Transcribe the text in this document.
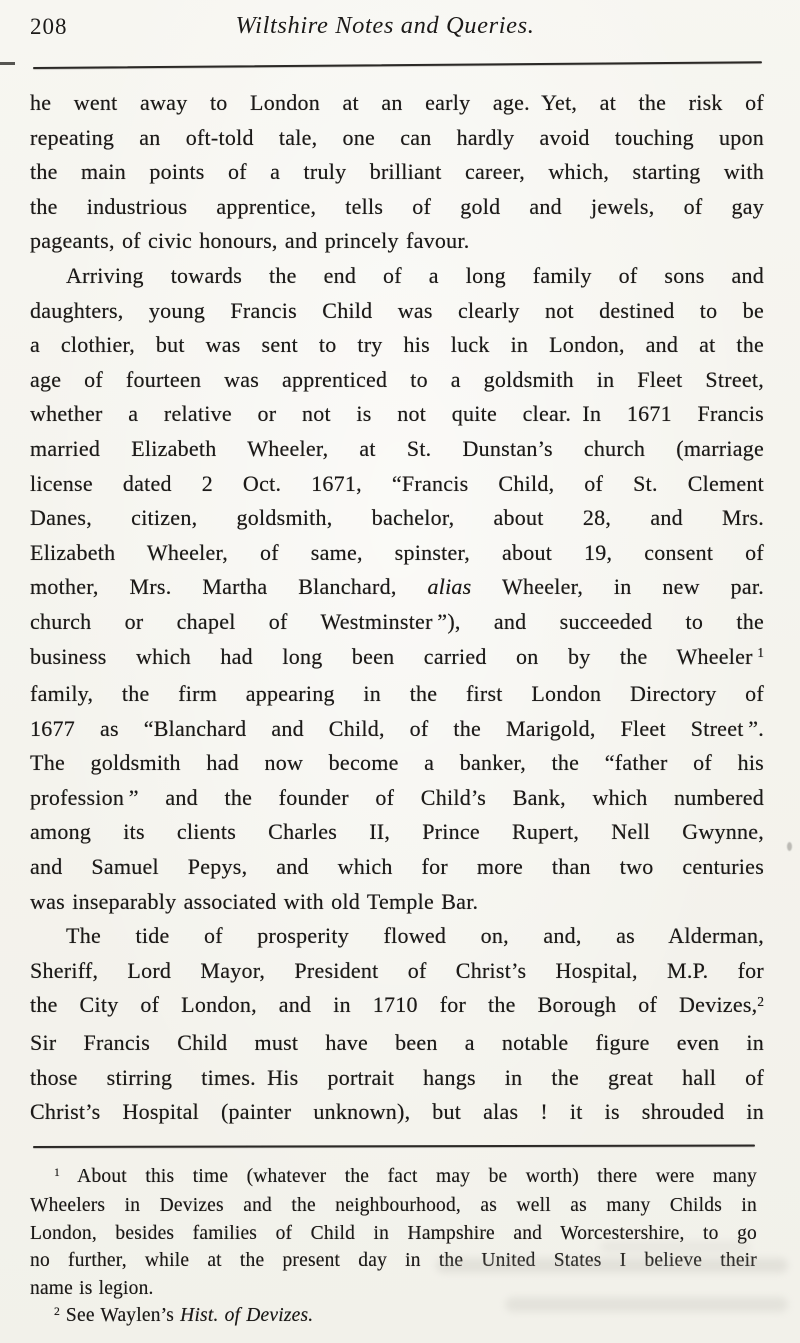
208	Wiltshire Notes and Queries.
he went away to London at an early age. Yet, at the risk of
repeating an oft-told tale, one can hardly avoid touching upon
the main points of a truly brilliant career, which, starting with
the industrious apprentice, tells of gold and jewels, of gay
pageants, of civic honours, and princely favour.
Arriving towards the end of a long family of sons and
daughters, young Francis Child was clearly not destined to be
a clothier, but was sent to try his luck in London, and at the
age of fourteen was apprenticed to a goldsmith in Fleet Street,
whether a relative or not is not quite clear. In 1671 Francis
married Elizabeth Wheeler, at St. Dunstan’s church (marriage
license dated 2 Oct. 1671, “Francis Child, of St. Clement
Danes, citizen, goldsmith, bachelor, about 28, and Mrs.
Elizabeth Wheeler, of same, spinster, about 19, consent of
mother, Mrs. Martha Blanchard, alias Wheeler, in new par.
church or chapel of Westminster ”), and succeeded to the
business which had long been carried on by the Wheeler $^1$
family, the firm appearing in the first London Directory of
1677 as “Blanchard and Child, of the Marigold, Fleet Street ”.
The goldsmith had now become a banker, the “father of his
profession ” and the founder of Child’s Bank, which numbered
among its clients Charles II, Prince Rupert, Nell Gwynne,
and Samuel Pepys, and which for more than two centuries
was inseparably associated with old Temple Bar.
The tide of prosperity flowed on, and, as Alderman,
Sheriff, Lord Mayor, President of Christ’s Hospital, M.P. for
the City of London, and in 1710 for the Borough of Devizes,$^2$
Sir Francis Child must have been a notable figure even in
those stirring times. His portrait hangs in the great hall of
Christ’s Hospital (painter unknown), but alas ! it is shrouded in
$^1$ About this time (whatever the fact may be worth) there were many
Wheelers in Devizes and the neighbourhood, as well as many Childs in
London, besides families of Child in Hampshire and Worcestershire, to go
no further, while at the present day in the United States I believe their
name is legion.
$^2$ See Waylen’s Hist. of Devizes.
